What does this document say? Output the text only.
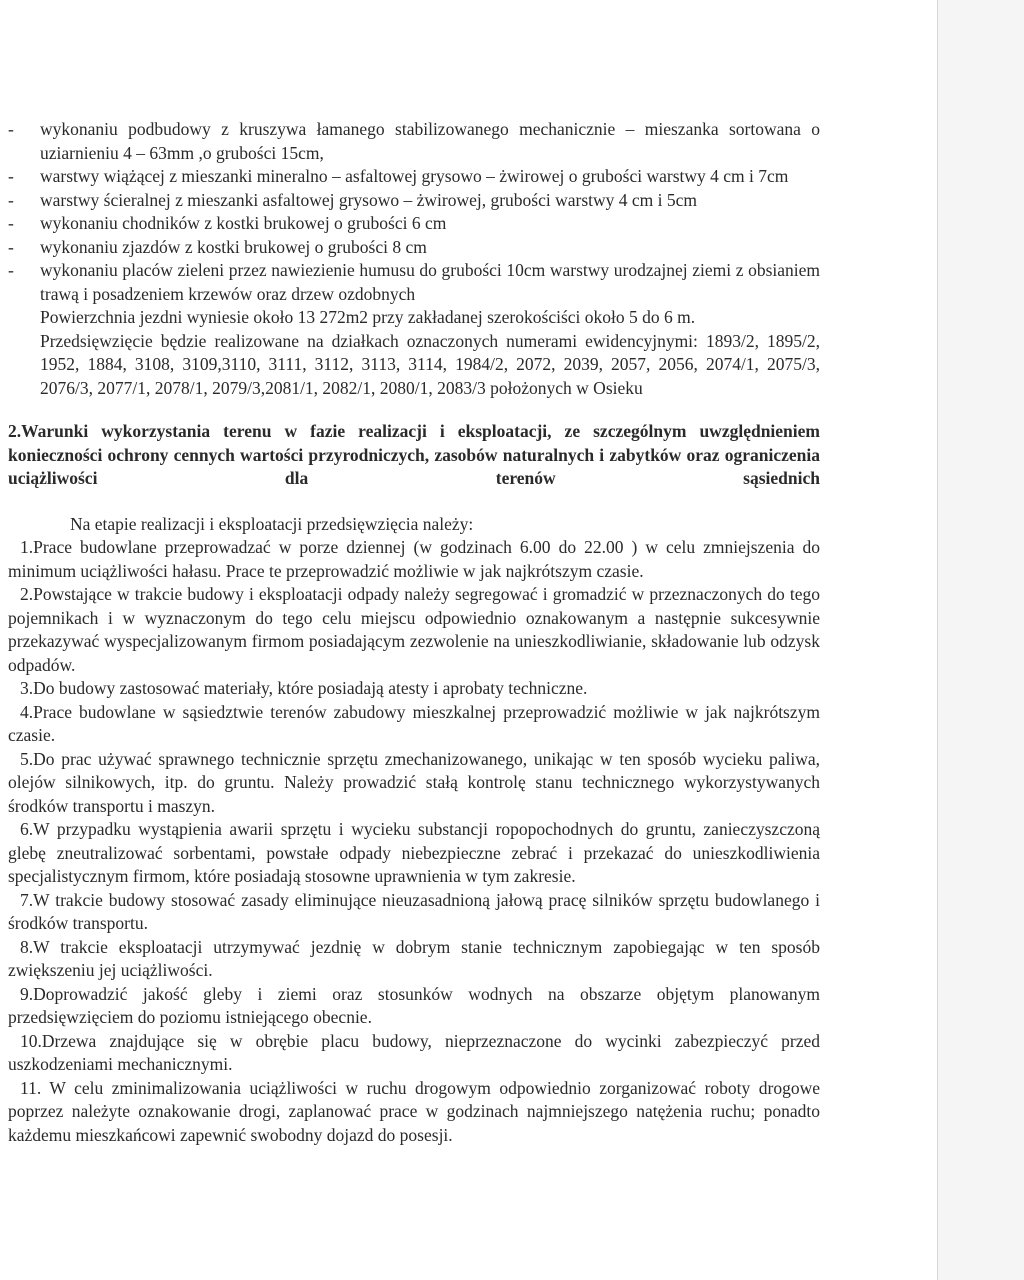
- wykonaniu podbudowy z kruszywa łamanego stabilizowanego mechanicznie – mieszanka sortowana o uziarnieniu 4 – 63mm ,o grubości 15cm,

- warstwy wiążącej z mieszanki mineralno – asfaltowej grysowo – żwirowej o grubości warstwy 4 cm i 7cm

- warstwy ścieralnej z mieszanki asfaltowej grysowo – żwirowej, grubości warstwy 4 cm i 5cm

- wykonaniu chodników z kostki brukowej o grubości 6 cm

- wykonaniu zjazdów z kostki brukowej o grubości 8 cm

- wykonaniu placów zieleni przez nawiezienie humusu do grubości 10cm warstwy urodzajnej ziemi z obsianiem trawą i posadzeniem krzewów oraz drzew ozdobnych

Powierzchnia jezdni wyniesie około 13 272m2 przy zakładanej szerokościści około 5 do 6 m.

Przedsięwzięcie będzie realizowane na działkach oznaczonych numerami ewidencyjnymi: 1893/2, 1895/2, 1952, 1884, 3108, 3109,3110, 3111, 3112, 3113, 3114, 1984/2, 2072, 2039, 2057, 2056, 2074/1, 2075/3, 2076/3, 2077/1, 2078/1, 2079/3,2081/1, 2082/1, 2080/1, 2083/3 położonych w Osieku

2.Warunki wykorzystania terenu w fazie realizacji i eksploatacji, ze szczególnym uwzględnieniem konieczności ochrony cennych wartości przyrodniczych, zasobów naturalnych i zabytków oraz ograniczenia uciążliwości dla terenów sąsiednich

Na etapie realizacji i eksploatacji przedsięwzięcia należy:

1.Prace budowlane przeprowadzać w porze dziennej (w godzinach 6.00 do 22.00 ) w celu zmniejszenia do minimum uciążliwości hałasu. Prace te przeprowadzić możliwie w jak najkrótszym czasie.

2.Powstające w trakcie budowy i eksploatacji odpady należy segregować i gromadzić w przeznaczonych do tego pojemnikach i w wyznaczonym do tego celu miejscu odpowiednio oznakowanym a następnie sukcesywnie przekazywać wyspecjalizowanym firmom posiadającym zezwolenie na unieszkodliwianie, składowanie lub odzysk odpadów.

3.Do budowy zastosować materiały, które posiadają atesty i aprobaty techniczne.

4.Prace budowlane w sąsiedztwie terenów zabudowy mieszkalnej przeprowadzić możliwie w jak najkrótszym czasie.

5.Do prac używać sprawnego technicznie sprzętu zmechanizowanego, unikając w ten sposób wycieku paliwa, olejów silnikowych, itp. do gruntu. Należy prowadzić stałą kontrolę stanu technicznego wykorzystywanych środków transportu i maszyn.

6.W przypadku wystąpienia awarii sprzętu i wycieku substancji ropopochodnych do gruntu, zanieczyszczoną glebę zneutralizować sorbentami, powstałe odpady niebezpieczne zebrać i przekazać do unieszkodliwienia specjalistycznym firmom, które posiadają stosowne uprawnienia w tym zakresie.

7.W trakcie budowy stosować zasady eliminujące nieuzasadnioną jałową pracę silników sprzętu budowlanego i środków transportu.

8.W trakcie eksploatacji utrzymywać jezdnię w dobrym stanie technicznym zapobiegając w ten sposób zwiększeniu jej uciążliwości.

9.Doprowadzić jakość gleby i ziemi oraz stosunków wodnych na obszarze objętym planowanym przedsięwzięciem do poziomu istniejącego obecnie.

10.Drzewa znajdujące się w obrębie placu budowy, nieprzeznaczone do wycinki zabezpieczyć przed uszkodzeniami mechanicznymi.

11. W celu zminimalizowania uciążliwości w ruchu drogowym odpowiednio zorganizować roboty drogowe poprzez należyte oznakowanie drogi, zaplanować prace w godzinach najmniejszego natężenia ruchu; ponadto każdemu mieszkańcowi zapewnić swobodny dojazd do posesji.
